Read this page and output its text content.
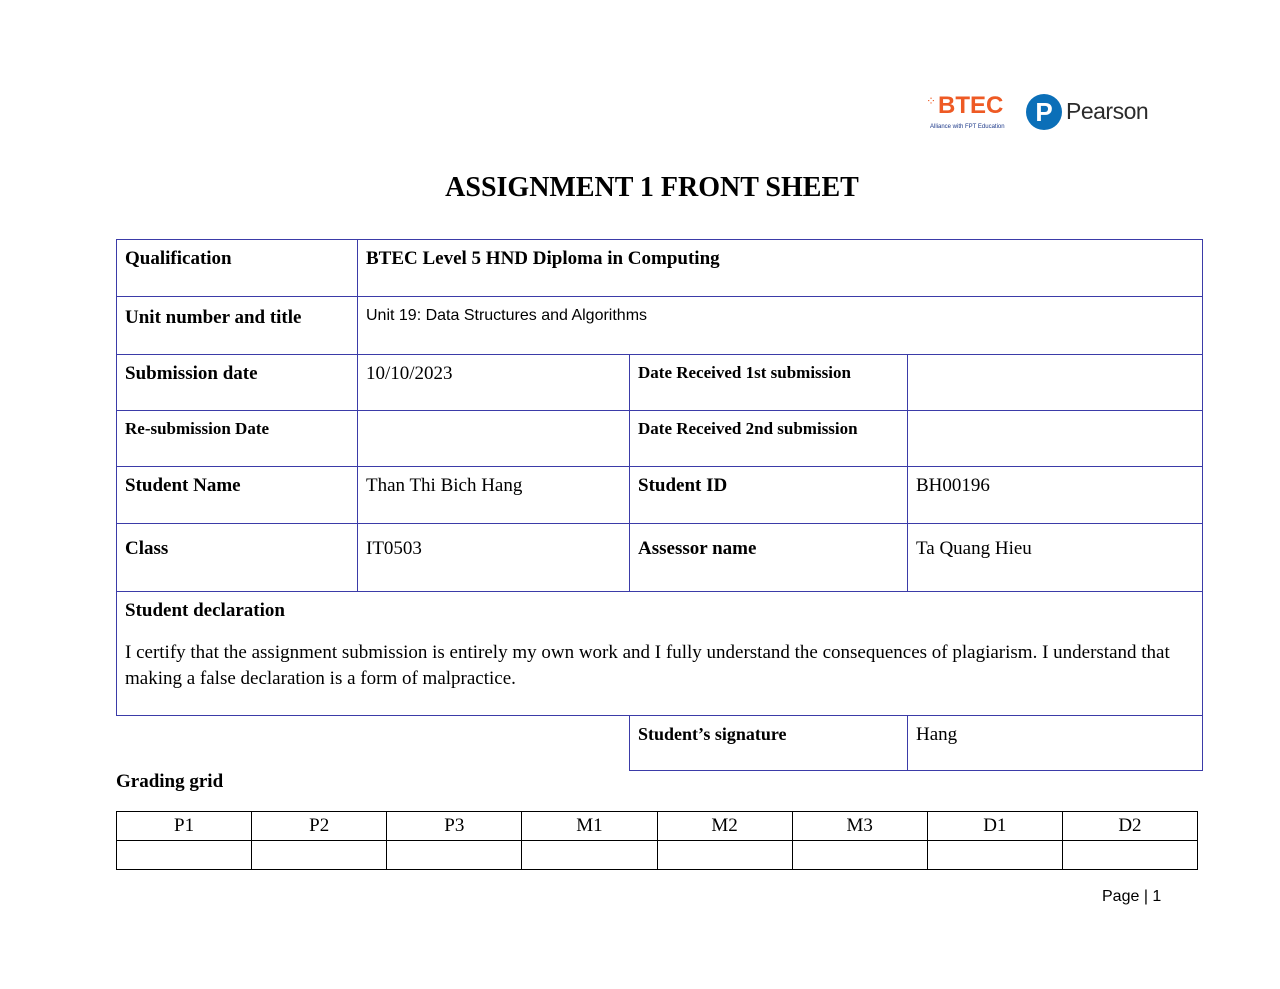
⁘ BTEC
Alliance with FPT Education	P Pearson
ASSIGNMENT 1 FRONT SHEET
Qualification	BTEC Level 5 HND Diploma in Computing		
Unit number and title	Unit 19: Data Structures and Algorithms		
Submission date	10/10/2023	Date Received 1st submission	
Re-submission Date		Date Received 2nd submission	
Student Name	Than Thi Bich Hang	Student ID	BH00196
Class	IT0503	Assessor name	Ta Quang Hieu

Student declaration
I certify that the assignment submission is entirely my own work and I fully understand the consequences of plagiarism. I understand that making a false declaration is a form of malpractice.			

		Student’s signature	Hang
Grading grid
P1	P2	P3	M1	M2	M3	D1	D2

Page | 1
